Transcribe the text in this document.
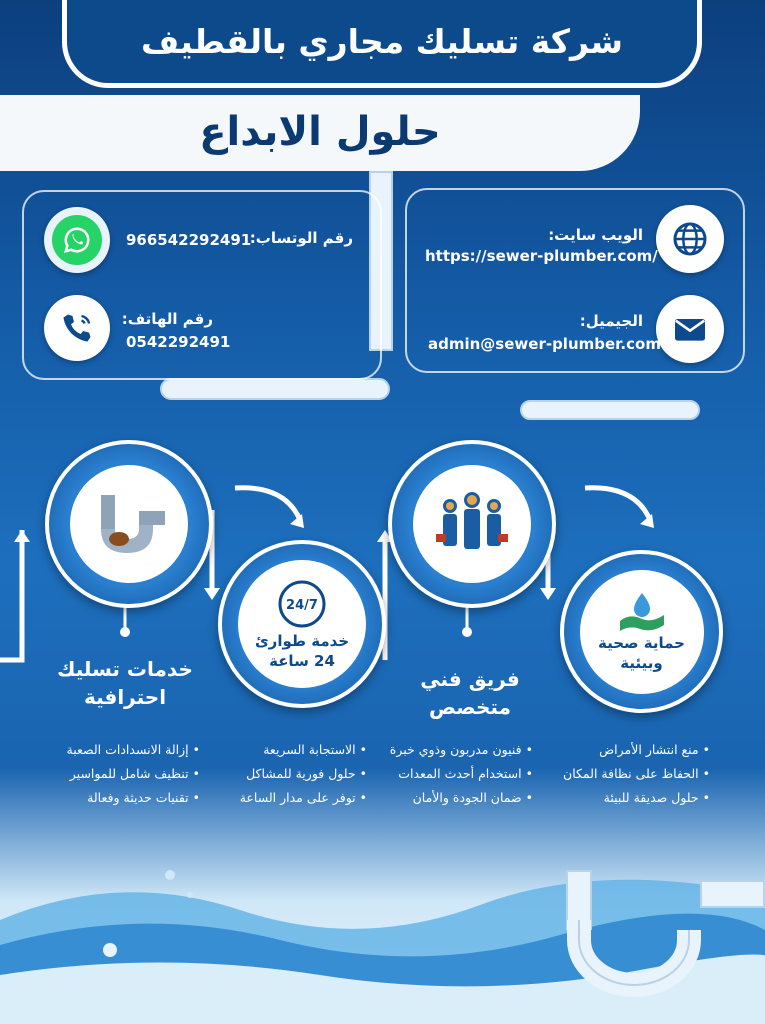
شركة تسليك مجاري بالقطيف
حلول الابداع
رقم الوتساب:
966542292491
رقم الهاتف:
0542292491
الويب سايت:
https://sewer-plumber.com/
الجيميل:
admin@sewer-plumber.com
خدمات تسليك
احترافية
• إزالة الانسدادات الصعبة
• تنظيف شامل للمواسير
• تقنيات حديثة وفعالة
24/7
خدمة طوارئ
24 ساعة
• الاستجابة السريعة
• حلول فورية للمشاكل
• توفر على مدار الساعة
فريق فني
متخصص
• فنيون مدربون وذوي خبرة
• استخدام أحدث المعدات
• ضمان الجودة والأمان
حماية صحية
وبيئية
• منع انتشار الأمراض
• الحفاظ على نظافة المكان
• حلول صديقة للبيئة
